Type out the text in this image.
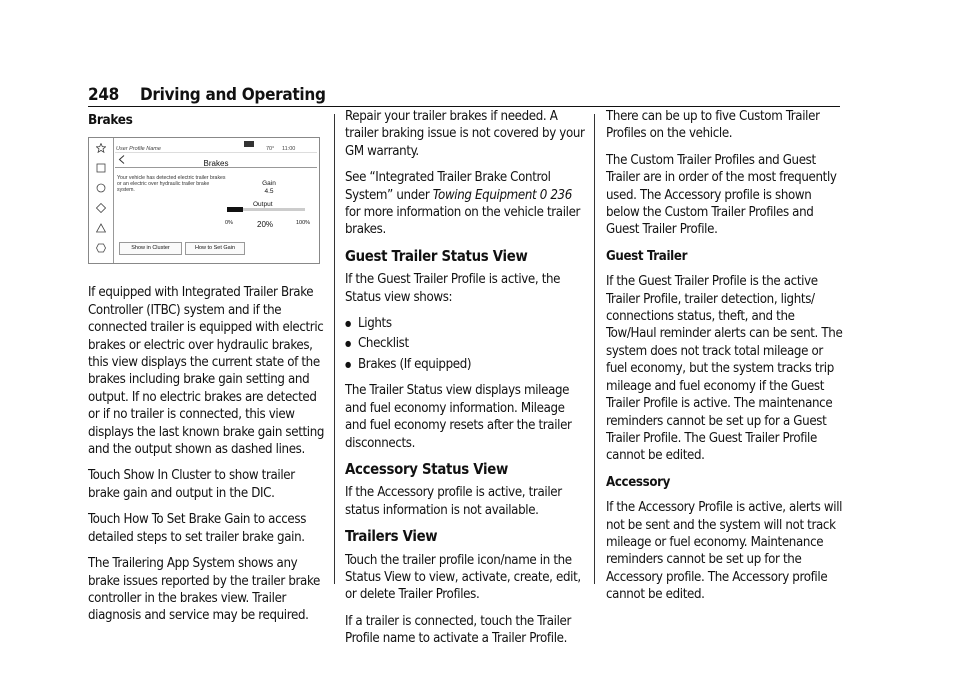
248 Driving and Operating
Brakes
User Profile Name	70° 11:00
Brakes
Your vehicle has detected electric trailer brakes or an electric over hydraulic trailer brake system.
Gain
4.5
Output
0%	20%	100%
Show in Cluster	How to Set Gain

If equipped with Integrated Trailer Brake Controller (ITBC) system and if the connected trailer is equipped with electric brakes or electric over hydraulic brakes, this view displays the current state of the brakes including brake gain setting and output. If no electric brakes are detected or if no trailer is connected, this view displays the last known brake gain setting and the output shown as dashed lines.

Touch Show In Cluster to show trailer brake gain and output in the DIC.

Touch How To Set Brake Gain to access detailed steps to set trailer brake gain.

The Trailering App System shows any brake issues reported by the trailer brake controller in the brakes view. Trailer diagnosis and service may be required.

Repair your trailer brakes if needed. A trailer braking issue is not covered by your GM warranty.

See “Integrated Trailer Brake Control System” under Towing Equipment 0 236 for more information on the vehicle trailer brakes.

Guest Trailer Status View

If the Guest Trailer Profile is active, the Status view shows:

● Lights
● Checklist
● Brakes (If equipped)

The Trailer Status view displays mileage and fuel economy information. Mileage and fuel economy resets after the trailer disconnects.

Accessory Status View

If the Accessory profile is active, trailer status information is not available.

Trailers View

Touch the trailer profile icon/name in the Status View to view, activate, create, edit, or delete Trailer Profiles.

If a trailer is connected, touch the Trailer Profile name to activate a Trailer Profile.

There can be up to five Custom Trailer Profiles on the vehicle.

The Custom Trailer Profiles and Guest Trailer are in order of the most frequently used. The Accessory profile is shown below the Custom Trailer Profiles and Guest Trailer Profile.

Guest Trailer

If the Guest Trailer Profile is the active Trailer Profile, trailer detection, lights/ connections status, theft, and the Tow/Haul reminder alerts can be sent. The system does not track total mileage or fuel economy, but the system tracks trip mileage and fuel economy if the Guest Trailer Profile is active. The maintenance reminders cannot be set up for a Guest Trailer Profile. The Guest Trailer Profile cannot be edited.

Accessory

If the Accessory Profile is active, alerts will not be sent and the system will not track mileage or fuel economy. Maintenance reminders cannot be set up for the Accessory profile. The Accessory profile cannot be edited.
